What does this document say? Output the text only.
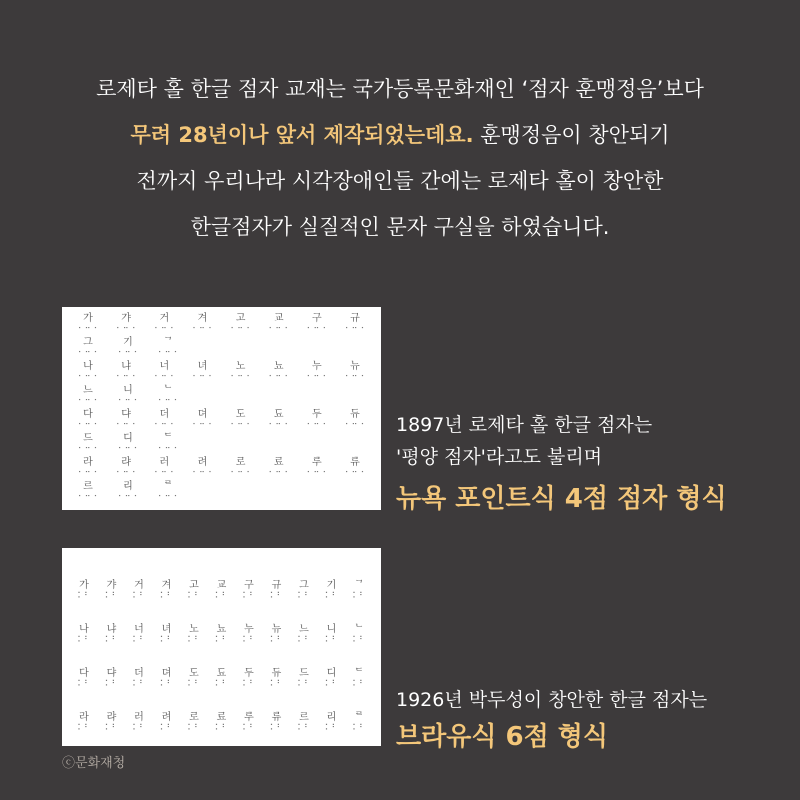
로제타 홀 한글 점자 교재는 국가등록문화재인 ‘점자 훈맹정음’보다
무려 28년이나 앞서 제작되었는데요. 훈맹정음이 창안되기
전까지 우리나라 시각장애인들 간에는 로제타 홀이 창안한
한글점자가 실질적인 문자 구실을 하였습니다.
가
⠂⠒⠐
갸
⠂⠒⠐
거
⠂⠒⠐
겨
⠂⠒⠐
고
⠂⠒⠐
교
⠂⠒⠐
구
⠂⠒⠐
규
⠂⠒⠐
그
⠂⠒⠐
기
⠂⠒⠐
ᄀ
⠂⠒⠐
나
⠂⠒⠐
냐
⠂⠒⠐
너
⠂⠒⠐
녀
⠂⠒⠐
노
⠂⠒⠐
뇨
⠂⠒⠐
누
⠂⠒⠐
뉴
⠂⠒⠐
느
⠂⠒⠐
니
⠂⠒⠐
ᄂ
⠂⠒⠐
다
⠂⠒⠐
댜
⠂⠒⠐
더
⠂⠒⠐
뎌
⠂⠒⠐
도
⠂⠒⠐
됴
⠂⠒⠐
두
⠂⠒⠐
듀
⠂⠒⠐
드
⠂⠒⠐
디
⠂⠒⠐
ᄃ
⠂⠒⠐
라
⠂⠒⠐
랴
⠂⠒⠐
러
⠂⠒⠐
려
⠂⠒⠐
로
⠂⠒⠐
료
⠂⠒⠐
루
⠂⠒⠐
류
⠂⠒⠐
르
⠂⠒⠐
리
⠂⠒⠐
ᄅ
⠂⠒⠐
가
⠅⠃
갸
⠅⠃
거
⠅⠃
겨
⠅⠃
고
⠅⠃
교
⠅⠃
구
⠅⠃
규
⠅⠃
그
⠅⠃
기
⠅⠃
ᄀ
⠅⠃
나
⠅⠃
냐
⠅⠃
너
⠅⠃
녀
⠅⠃
노
⠅⠃
뇨
⠅⠃
누
⠅⠃
뉴
⠅⠃
느
⠅⠃
니
⠅⠃
ᄂ
⠅⠃
다
⠅⠃
댜
⠅⠃
더
⠅⠃
뎌
⠅⠃
도
⠅⠃
됴
⠅⠃
두
⠅⠃
듀
⠅⠃
드
⠅⠃
디
⠅⠃
ᄃ
⠅⠃
라
⠅⠃
랴
⠅⠃
러
⠅⠃
려
⠅⠃
로
⠅⠃
료
⠅⠃
루
⠅⠃
류
⠅⠃
르
⠅⠃
리
⠅⠃
ᄅ
⠅⠃
1897년 로제타 홀 한글 점자는
'평양 점자'라고도 불리며
뉴욕 포인트식 4점 점자 형식
1926년 박두성이 창안한 한글 점자는
브라유식 6점 형식
ⓒ문화재청
